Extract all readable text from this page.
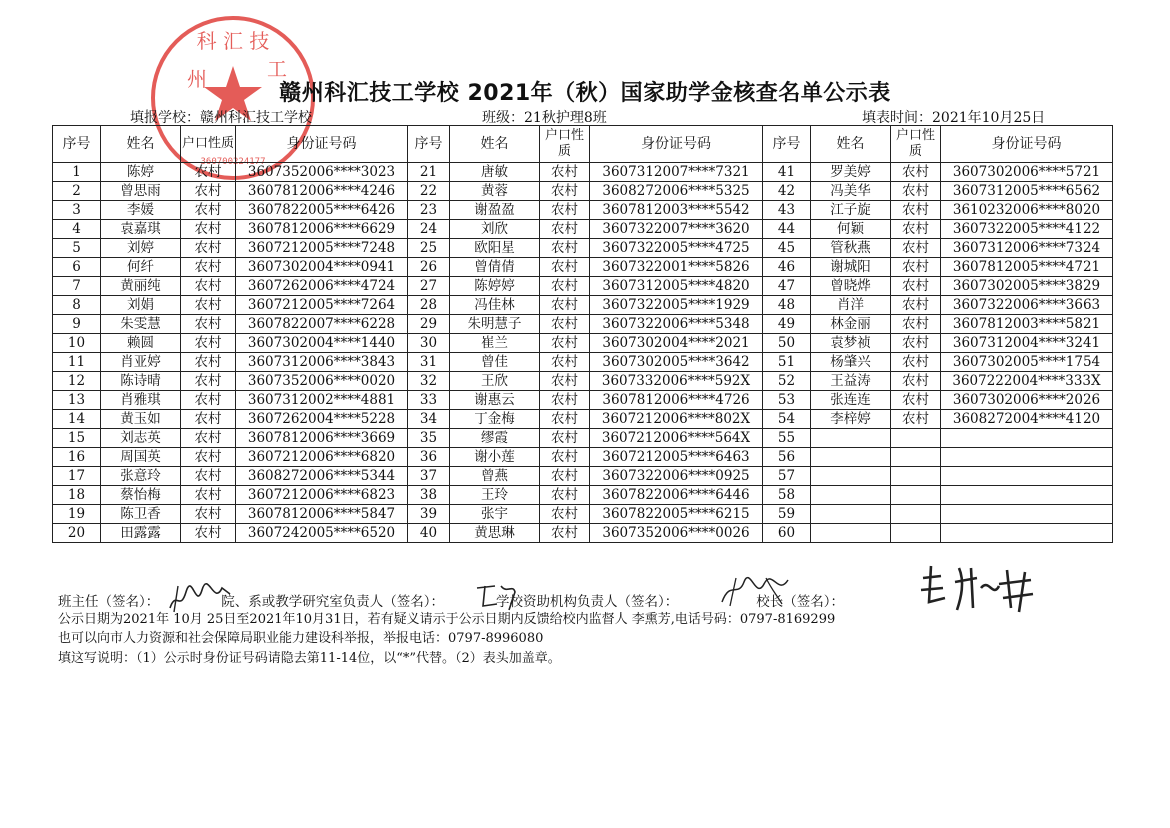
科 汇 技
州	工
360700224177
赣州科汇技工学校 2021年（秋）国家助学金核查名单公示表
填报学校：赣州科汇技工学校	班级：21秋护理8班	填表时间：2021年10月25日
序号	姓名	户口性质	身份证号码	序号	姓名	户口性质	身份证号码	序号	姓名	户口性质	身份证号码
1	陈婷	农村	3607352006****3023	21	唐敏	农村	3607312007****7321	41	罗美婷	农村	3607302006****5721
2	曾思雨	农村	3607812006****4246	22	黄蓉	农村	3608272006****5325	42	冯美华	农村	3607312005****6562
3	李媛	农村	3607822005****6426	23	谢盈盈	农村	3607812003****5542	43	江子旋	农村	3610232006****8020
4	袁嘉琪	农村	3607812006****6629	24	刘欣	农村	3607322007****3620	44	何颖	农村	3607322005****4122
5	刘婷	农村	3607212005****7248	25	欧阳星	农村	3607322005****4725	45	管秋燕	农村	3607312006****7324
6	何纤	农村	3607302004****0941	26	曾倩倩	农村	3607322001****5826	46	谢城阳	农村	3607812005****4721
7	黄丽纯	农村	3607262006****4724	27	陈婷婷	农村	3607312005****4820	47	曾晓烨	农村	3607302005****3829
8	刘娟	农村	3607212005****7264	28	冯佳林	农村	3607322005****1929	48	肖洋	农村	3607322006****3663
9	朱雯慧	农村	3607822007****6228	29	朱明慧子	农村	3607322006****5348	49	林金丽	农村	3607812003****5821
10	赖圆	农村	3607302004****1440	30	崔兰	农村	3607302004****2021	50	袁梦祯	农村	3607312004****3241
11	肖亚婷	农村	3607312006****3843	31	曾佳	农村	3607302005****3642	51	杨肇兴	农村	3607302005****1754
12	陈诗晴	农村	3607352006****0020	32	王欣	农村	3607332006****592X	52	王益涛	农村	3607222004****333X
13	肖雅琪	农村	3607312002****4881	33	谢惠云	农村	3607812006****4726	53	张连连	农村	3607302006****2026
14	黄玉如	农村	3607262004****5228	34	丁金梅	农村	3607212006****802X	54	李梓婷	农村	3608272004****4120
15	刘志英	农村	3607812006****3669	35	缪霞	农村	3607212006****564X	55			
16	周国英	农村	3607212006****6820	36	谢小莲	农村	3607212005****6463	56			
17	张意玲	农村	3608272006****5344	37	曾燕	农村	3607322006****0925	57			
18	蔡怡梅	农村	3607212006****6823	38	王玲	农村	3607822006****6446	58			
19	陈卫香	农村	3607812006****5847	39	张宇	农村	3607822005****6215	59			
20	田露露	农村	3607242005****6520	40	黄思琳	农村	3607352006****0026	60			
班主任（签名）：	院、系或教学研究室负责人（签名）：	学校资助机构负责人（签名）：	校长（签名）：
公示日期为2021年 10月 25日至2021年10月31日，若有疑义请示于公示日期内反馈给校内监督人 李熏芳,电话号码：0797-8169299
也可以向市人力资源和社会保障局职业能力建设科举报，举报电话：0797-8996080
填这写说明：（1）公示时身份证号码请隐去第11-14位，以“*”代替。（2）表头加盖章。
